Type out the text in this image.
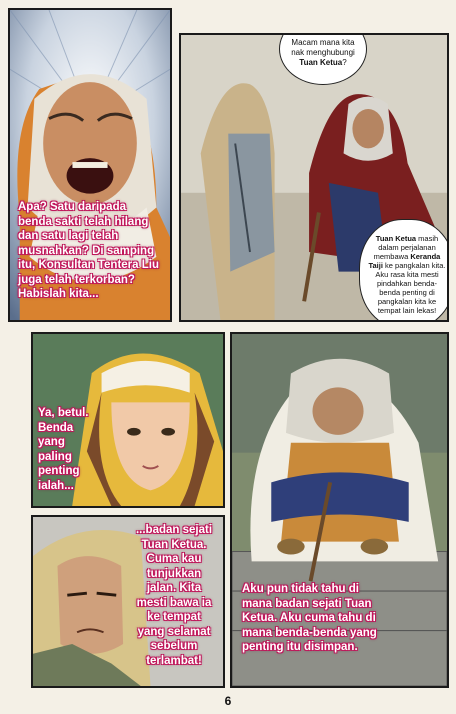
Apa? Satu daripada
benda sakti telah hilang
dan satu lagi telah
musnahkan? Di samping
itu, Konsultan Tentera Liu
juga telah terkorban?
Habislah kita...
Macam mana kita nak menghubungi Tuan Ketua?
Tuan Ketua masih dalam perjalanan membawa Keranda Taiji ke pangkalan kita. Aku rasa kita mesti pindahkan benda-benda penting di pangkalan kita ke tempat lain lekas!
Ya, betul.
Benda
yang
paling
penting
ialah...
Aku pun tidak tahu di
mana badan sejati Tuan
Ketua. Aku cuma tahu di
mana benda-benda yang
penting itu disimpan.
...badan sejati
Tuan Ketua.
Cuma kau
tunjukkan
jalan. Kita
mesti bawa ia
ke tempat
yang selamat
sebelum
terlambat!
6
